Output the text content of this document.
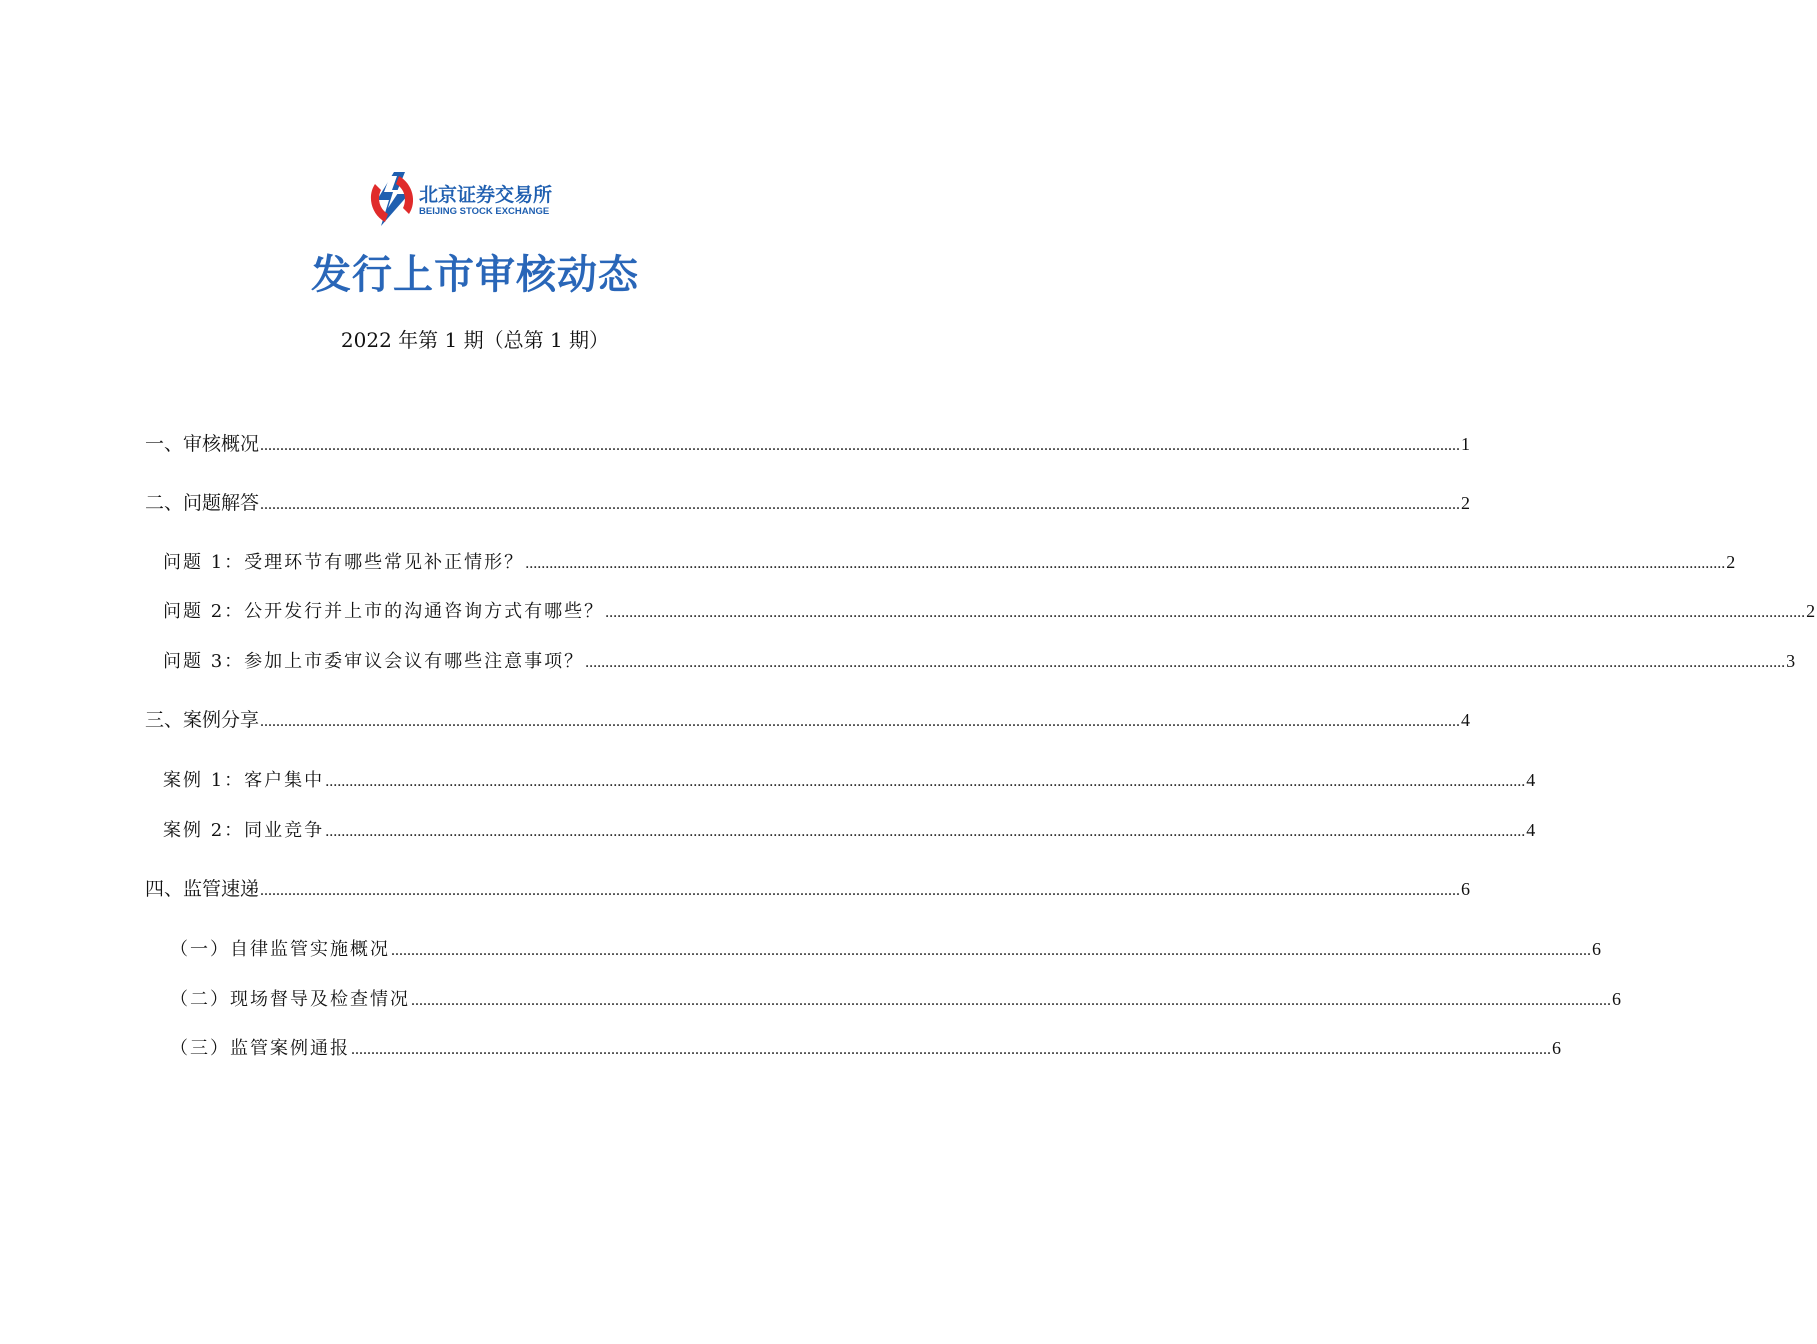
北京证券交易所
BEIJING STOCK EXCHANGE
发行上市审核动态
2022 年第 1 期（总第 1 期）
一、审核概况 ............................................................................................................................................................................................................................................................................................................ 1
二、问题解答 ............................................................................................................................................................................................................................................................................................................ 2
问题 1：受理环节有哪些常见补正情形？ ............................................................................................................................................................................................................................................................................................................ 2
问题 2：公开发行并上市的沟通咨询方式有哪些？ ............................................................................................................................................................................................................................................................................................................ 2
问题 3：参加上市委审议会议有哪些注意事项？ ............................................................................................................................................................................................................................................................................................................ 3
三、案例分享 ............................................................................................................................................................................................................................................................................................................ 4
案例 1：客户集中 ............................................................................................................................................................................................................................................................................................................ 4
案例 2：同业竞争 ............................................................................................................................................................................................................................................................................................................ 4
四、监管速递 ............................................................................................................................................................................................................................................................................................................ 6
（一）自律监管实施概况 ............................................................................................................................................................................................................................................................................................................ 6
（二）现场督导及检查情况 ............................................................................................................................................................................................................................................................................................................ 6
（三）监管案例通报 ............................................................................................................................................................................................................................................................................................................ 6
